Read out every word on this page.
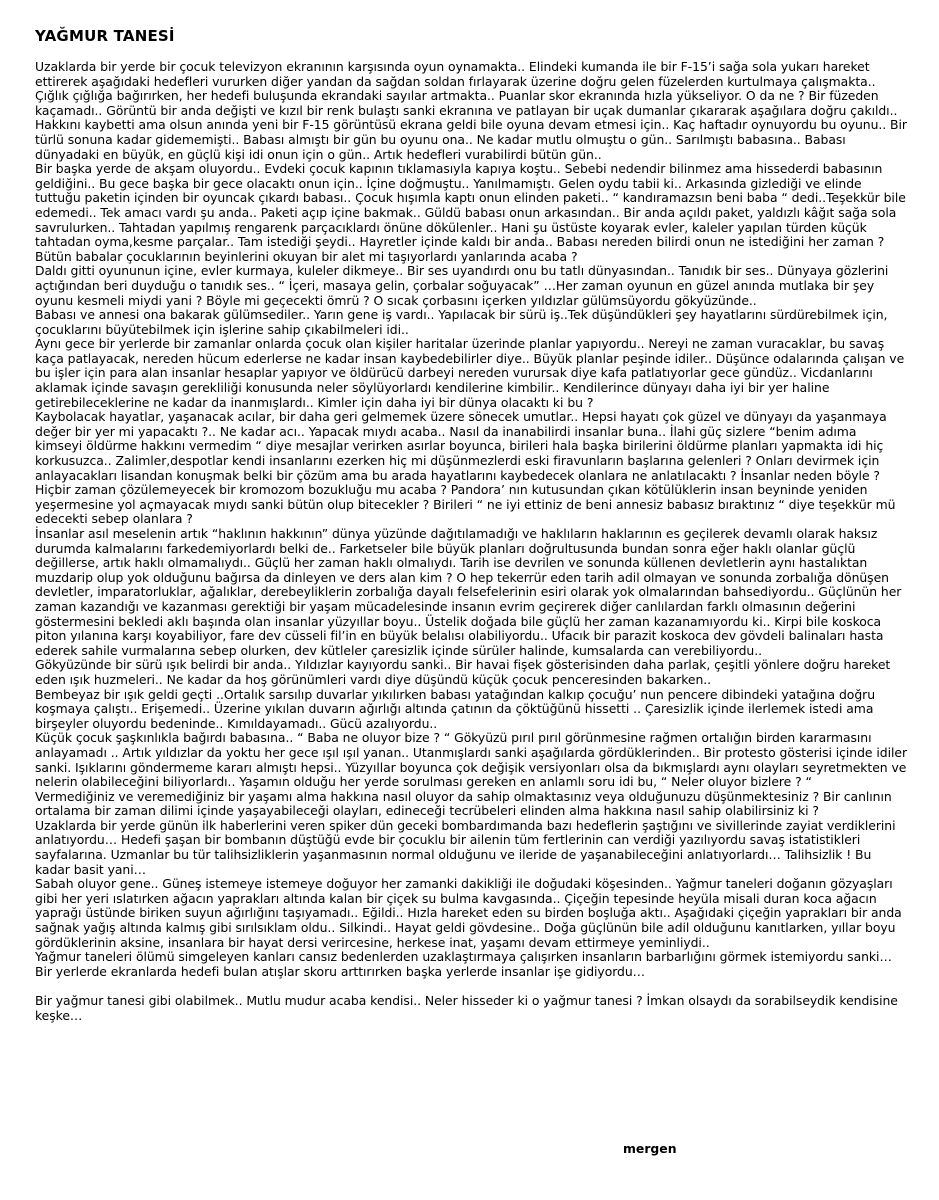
YAĞMUR TANESİ

Uzaklarda bir yerde bir çocuk televizyon ekranının karşısında oyun oynamakta.. Elindeki kumanda ile bir F-15’i sağa sola yukarı hareket ettirerek aşağıdaki hedefleri vururken diğer yandan da sağdan soldan fırlayarak üzerine doğru gelen füzelerden kurtulmaya çalışmakta.. Çığlık çığlığa bağırırken, her hedefi buluşunda ekrandaki sayılar artmakta.. Puanlar skor ekranında hızla yükseliyor. O da ne ? Bir füzeden kaçamadı.. Görüntü bir anda değişti ve kızıl bir renk bulaştı sanki ekranına ve patlayan bir uçak dumanlar çıkararak aşağılara doğru çakıldı.. Hakkını kaybetti ama olsun anında yeni bir F-15 görüntüsü ekrana geldi bile oyuna devam etmesi için.. Kaç haftadır oynuyordu bu oyunu.. Bir türlü sonuna kadar gidememişti.. Babası almıştı bir gün bu oyunu ona.. Ne kadar mutlu olmuştu o gün.. Sarılmıştı babasına.. Babası dünyadaki en büyük, en güçlü kişi idi onun için o gün.. Artık hedefleri vurabilirdi bütün gün..

Bir başka yerde de akşam oluyordu.. Evdeki çocuk kapının tıklamasıyla kapıya koştu.. Sebebi nedendir bilinmez ama hissederdi babasının geldiğini.. Bu gece başka bir gece olacaktı onun için.. İçine doğmuştu.. Yanılmamıştı. Gelen oydu tabii ki.. Arkasında gizlediği ve elinde tuttuğu paketin içinden bir oyuncak çıkardı babası.. Çocuk hışımla kaptı onun elinden paketi.. “ kandıramazsın beni baba “ dedi..Teşekkür bile edemedi.. Tek amacı vardı şu anda.. Paketi açıp içine bakmak.. Güldü babası onun arkasından.. Bir anda açıldı paket, yaldızlı kâğıt sağa sola savrulurken.. Tahtadan yapılmış rengarenk parçacıklardı önüne dökülenler.. Hani şu üstüste koyarak evler, kaleler yapılan türden küçük tahtadan oyma,kesme parçalar.. Tam istediği şeydi.. Hayretler içinde kaldı bir anda.. Babası nereden bilirdi onun ne istediğini her zaman ? Bütün babalar çocuklarının beyinlerini okuyan bir alet mi taşıyorlardı yanlarında acaba ?

Daldı gitti oyununun içine, evler kurmaya, kuleler dikmeye.. Bir ses uyandırdı onu bu tatlı dünyasından.. Tanıdık bir ses.. Dünyaya gözlerini açtığından beri duyduğu o tanıdık ses.. “ İçeri, masaya gelin, çorbalar soğuyacak” …Her zaman oyunun en güzel anında mutlaka bir şey oyunu kesmeli miydi yani ? Böyle mi geçecekti ömrü ? O sıcak çorbasını içerken yıldızlar gülümsüyordu gökyüzünde..

Babası ve annesi ona bakarak gülümsediler.. Yarın gene iş vardı.. Yapılacak bir sürü iş..Tek düşündükleri şey hayatlarını sürdürebilmek için, çocuklarını büyütebilmek için işlerine sahip çıkabilmeleri idi..

Aynı gece bir yerlerde bir zamanlar onlarda çocuk olan kişiler haritalar üzerinde planlar yapıyordu.. Nereyi ne zaman vuracaklar, bu savaş kaça patlayacak, nereden hücum ederlerse ne kadar insan kaybedebilirler diye.. Büyük planlar peşinde idiler.. Düşünce odalarında çalışan ve bu işler için para alan insanlar hesaplar yapıyor ve öldürücü darbeyi nereden vurursak diye kafa patlatıyorlar gece gündüz.. Vicdanlarını aklamak içinde savaşın gerekliliği konusunda neler söylüyorlardı kendilerine kimbilir.. Kendilerince dünyayı daha iyi bir yer haline getirebileceklerine ne kadar da inanmışlardı.. Kimler için daha iyi bir dünya olacaktı ki bu ?

Kaybolacak hayatlar, yaşanacak acılar, bir daha geri gelmemek üzere sönecek umutlar.. Hepsi hayatı çok güzel ve dünyayı da yaşanmaya değer bir yer mi yapacaktı ?.. Ne kadar acı.. Yapacak mıydı acaba.. Nasıl da inanabilirdi insanlar buna.. İlahi güç sizlere “benim adıma kimseyi öldürme hakkını vermedim “ diye mesajlar verirken asırlar boyunca, birileri hala başka birilerini öldürme planları yapmakta idi hiç korkusuzca.. Zalimler,despotlar kendi insanlarını ezerken hiç mi düşünmezlerdi eski firavunların başlarına gelenleri ? Onları devirmek için anlayacakları lisandan konuşmak belki bir çözüm ama bu arada hayatlarını kaybedecek olanlara ne anlatılacaktı ? İnsanlar neden böyle ? Hiçbir zaman çözülemeyecek bir kromozom bozukluğu mu acaba ? Pandora’ nın kutusundan çıkan kötülüklerin insan beyninde yeniden yeşermesine yol açmayacak mıydı sanki bütün olup bitecekler ? Birileri “ ne iyi ettiniz de beni annesiz babasız bıraktınız “ diye teşekkür mü edecekti sebep olanlara ?

İnsanlar asıl meselenin artık “haklının hakkının” dünya yüzünde dağıtılamadığı ve haklıların haklarının es geçilerek devamlı olarak haksız durumda kalmalarını farkedemiyorlardı belki de.. Farketseler bile büyük planları doğrultusunda bundan sonra eğer haklı olanlar güçlü değillerse, artık haklı olmamalıydı.. Güçlü her zaman haklı olmalıydı. Tarih ise devrilen ve sonunda küllenen devletlerin aynı hastalıktan muzdarip olup yok olduğunu bağırsa da dinleyen ve ders alan kim ? O hep tekerrür eden tarih adil olmayan ve sonunda zorbalığa dönüşen devletler, imparatorluklar, ağalıklar, derebeyliklerin zorbalığa dayalı felsefelerinin esiri olarak yok olmalarından bahsediyordu.. Güçlünün her zaman kazandığı ve kazanması gerektiği bir yaşam mücadelesinde insanın evrim geçirerek diğer canlılardan farklı olmasının değerini göstermesini bekledi aklı başında olan insanlar yüzyıllar boyu.. Üstelik doğada bile güçlü her zaman kazanamıyordu ki.. Kirpi bile koskoca piton yılanına karşı koyabiliyor, fare dev cüsseli fil’in en büyük belalısı olabiliyordu.. Ufacık bir parazit koskoca dev gövdeli balinaları hasta ederek sahile vurmalarına sebep olurken, dev kütleler çaresizlik içinde sürüler halinde, kumsalarda can verebiliyordu..

Gökyüzünde bir sürü ışık belirdi bir anda.. Yıldızlar kayıyordu sanki.. Bir havai fişek gösterisinden daha parlak, çeşitli yönlere doğru hareket eden ışık huzmeleri.. Ne kadar da hoş görünümleri vardı diye düşündü küçük çocuk penceresinden bakarken..

Bembeyaz bir ışık geldi geçti ..Ortalık sarsılıp duvarlar yıkılırken babası yatağından kalkıp çocuğu’ nun pencere dibindeki yatağına doğru koşmaya çalıştı.. Erişemedi.. Üzerine yıkılan duvarın ağırlığı altında çatının da çöktüğünü hissetti .. Çaresizlik içinde ilerlemek istedi ama birşeyler oluyordu bedeninde.. Kımıldayamadı.. Gücü azalıyordu..

Küçük çocuk şaşkınlıkla bağırdı babasına.. “ Baba ne oluyor bize ? “ Gökyüzü pırıl pırıl görünmesine rağmen ortalığın birden kararmasını anlayamadı .. Artık yıldızlar da yoktu her gece ışıl ışıl yanan.. Utanmışlardı sanki aşağılarda gördüklerinden.. Bir protesto gösterisi içinde idiler sanki. Işıklarını göndermeme kararı almıştı hepsi.. Yüzyıllar boyunca çok değişik versiyonları olsa da bıkmışlardı aynı olayları seyretmekten ve nelerin olabileceğini biliyorlardı.. Yaşamın olduğu her yerde sorulması gereken en anlamlı soru idi bu, “ Neler oluyor bizlere ? “

Vermediğiniz ve veremediğiniz bir yaşamı alma hakkına nasıl oluyor da sahip olmaktasınız veya olduğunuzu düşünmektesiniz ? Bir canlının ortalama bir zaman dilimi içinde yaşayabileceği olayları, edineceği tecrübeleri elinden alma hakkına nasıl sahip olabilirsiniz ki ?

Uzaklarda bir yerde günün ilk haberlerini veren spiker dün geceki bombardımanda bazı hedeflerin şaştığını ve sivillerinde zayiat verdiklerini anlatıyordu… Hedefi şaşan bir bombanın düştüğü evde bir çocuklu bir ailenin tüm fertlerinin can verdiği yazılıyordu savaş istatistikleri sayfalarına. Uzmanlar bu tür talihsizliklerin yaşanmasının normal olduğunu ve ileride de yaşanabileceğini anlatıyorlardı… Talihsizlik ! Bu kadar basit yani…

Sabah oluyor gene.. Güneş istemeye istemeye doğuyor her zamanki dakikliği ile doğudaki köşesinden.. Yağmur taneleri doğanın gözyaşları gibi her yeri ıslatırken ağacın yaprakları altında kalan bir çiçek su bulma kavgasında.. Çiçeğin tepesinde heyüla misali duran koca ağacın yaprağı üstünde biriken suyun ağırlığını taşıyamadı.. Eğildi.. Hızla hareket eden su birden boşluğa aktı.. Aşağıdaki çiçeğin yaprakları bir anda sağnak yağış altında kalmış gibi sırılsıklam oldu.. Silkindi.. Hayat geldi gövdesine.. Doğa güçlünün bile adil olduğunu kanıtlarken, yıllar boyu gördüklerinin aksine, insanlara bir hayat dersi verircesine, herkese inat, yaşamı devam ettirmeye yeminliydi..

Yağmur taneleri ölümü simgeleyen kanları cansız bedenlerden uzaklaştırmaya çalışırken insanların barbarlığını görmek istemiyordu sanki…

Bir yerlerde ekranlarda hedefi bulan atışlar skoru arttırırken başka yerlerde insanlar işe gidiyordu…

Bir yağmur tanesi gibi olabilmek.. Mutlu mudur acaba kendisi.. Neler hisseder ki o yağmur tanesi ? İmkan olsaydı da sorabilseydik kendisine keşke…

mergen
